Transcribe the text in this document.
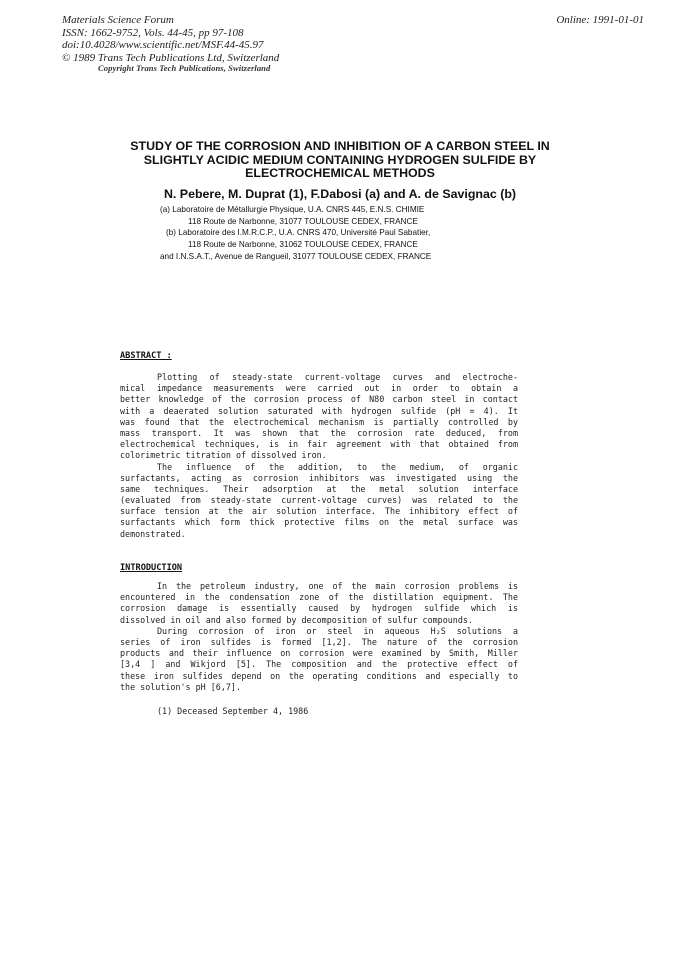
Materials Science Forum
ISSN: 1662-9752, Vols. 44-45, pp 97-108
doi:10.4028/www.scientific.net/MSF.44-45.97
© 1989 Trans Tech Publications Ltd, Switzerland
Online: 1991-01-01
Copyright Trans Tech Publications, Switzerland
STUDY OF THE CORROSION AND INHIBITION OF A CARBON STEEL IN
SLIGHTLY ACIDIC MEDIUM CONTAINING HYDROGEN SULFIDE BY
ELECTROCHEMICAL METHODS
N. Pebere, M. Duprat (1), F.Dabosi (a) and A. de Savignac (b)
(a) Laboratoire de Métallurgie Physique, U.A. CNRS 445, E.N.S. CHIMIE
118 Route de Narbonne, 31077 TOULOUSE CEDEX, FRANCE
(b) Laboratoire des I.M.R.C.P., U.A. CNRS 470, Université Paul Sabatier,
118 Route de Narbonne, 31062 TOULOUSE CEDEX, FRANCE
and I.N.S.A.T., Avenue de Rangueil, 31077 TOULOUSE CEDEX, FRANCE
ABSTRACT :
Plotting of steady-state current-voltage curves and electroche-
mical impedance measurements were carried out in order to obtain a
better knowledge of the corrosion process of N80 carbon steel in contact
with a deaerated solution saturated with hydrogen sulfide (pH = 4). It
was found that the electrochemical mechanism is partially controlled by
mass transport. It was shown that the corrosion rate deduced, from
electrochemical techniques, is in fair agreement with that obtained from
colorimetric titration of dissolved iron.
The influence of the addition, to the medium, of organic
surfactants, acting as corrosion inhibitors was investigated using the
same techniques. Their adsorption at the metal solution interface
(evaluated from steady-state current-voltage curves) was related to the
surface tension at the air solution interface. The inhibitory effect of
surfactants which form thick protective films on the metal surface was
demonstrated.
INTRODUCTION
In the petroleum industry, one of the main corrosion problems is
encountered in the condensation zone of the distillation equipment. The
corrosion damage is essentially caused by hydrogen sulfide which is
dissolved in oil and also formed by decomposition of sulfur compounds.
During corrosion of iron or steel in aqueous H₂S solutions a
series of iron sulfides is formed [1,2]. The nature of the corrosion
products and their influence on corrosion were examined by Smith, Miller
[3,4 ] and Wikjord [5]. The composition and the protective effect of
these iron sulfides depend on the operating conditions and especially to
the solution's pH [6,7].
(1) Deceased September 4, 1986
